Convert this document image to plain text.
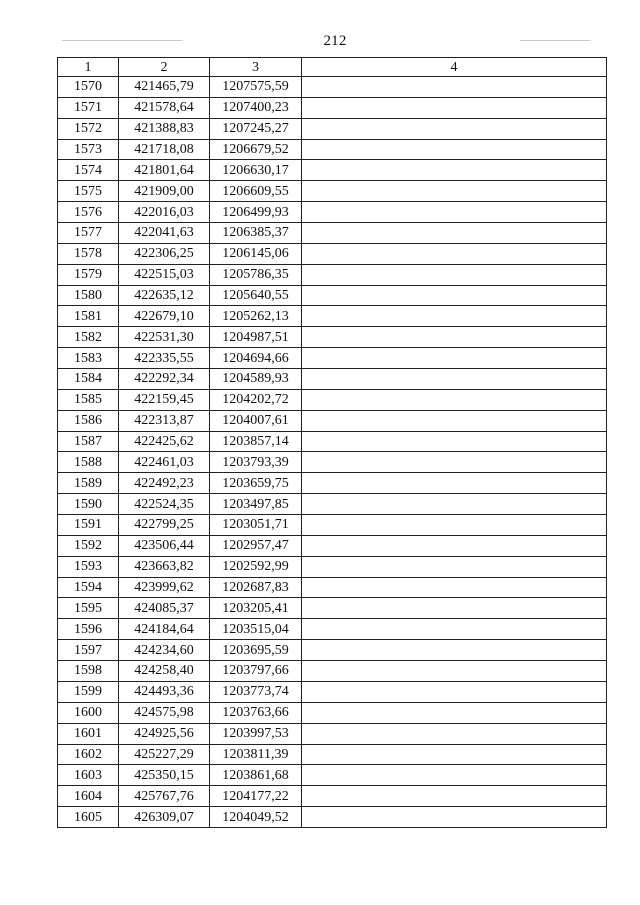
212
1	2	3	4
1570	421465,79	1207575,59	
1571	421578,64	1207400,23	
1572	421388,83	1207245,27	
1573	421718,08	1206679,52	
1574	421801,64	1206630,17	
1575	421909,00	1206609,55	
1576	422016,03	1206499,93	
1577	422041,63	1206385,37	
1578	422306,25	1206145,06	
1579	422515,03	1205786,35	
1580	422635,12	1205640,55	
1581	422679,10	1205262,13	
1582	422531,30	1204987,51	
1583	422335,55	1204694,66	
1584	422292,34	1204589,93	
1585	422159,45	1204202,72	
1586	422313,87	1204007,61	
1587	422425,62	1203857,14	
1588	422461,03	1203793,39	
1589	422492,23	1203659,75	
1590	422524,35	1203497,85	
1591	422799,25	1203051,71	
1592	423506,44	1202957,47	
1593	423663,82	1202592,99	
1594	423999,62	1202687,83	
1595	424085,37	1203205,41	
1596	424184,64	1203515,04	
1597	424234,60	1203695,59	
1598	424258,40	1203797,66	
1599	424493,36	1203773,74	
1600	424575,98	1203763,66	
1601	424925,56	1203997,53	
1602	425227,29	1203811,39	
1603	425350,15	1203861,68	
1604	425767,76	1204177,22	
1605	426309,07	1204049,52	
